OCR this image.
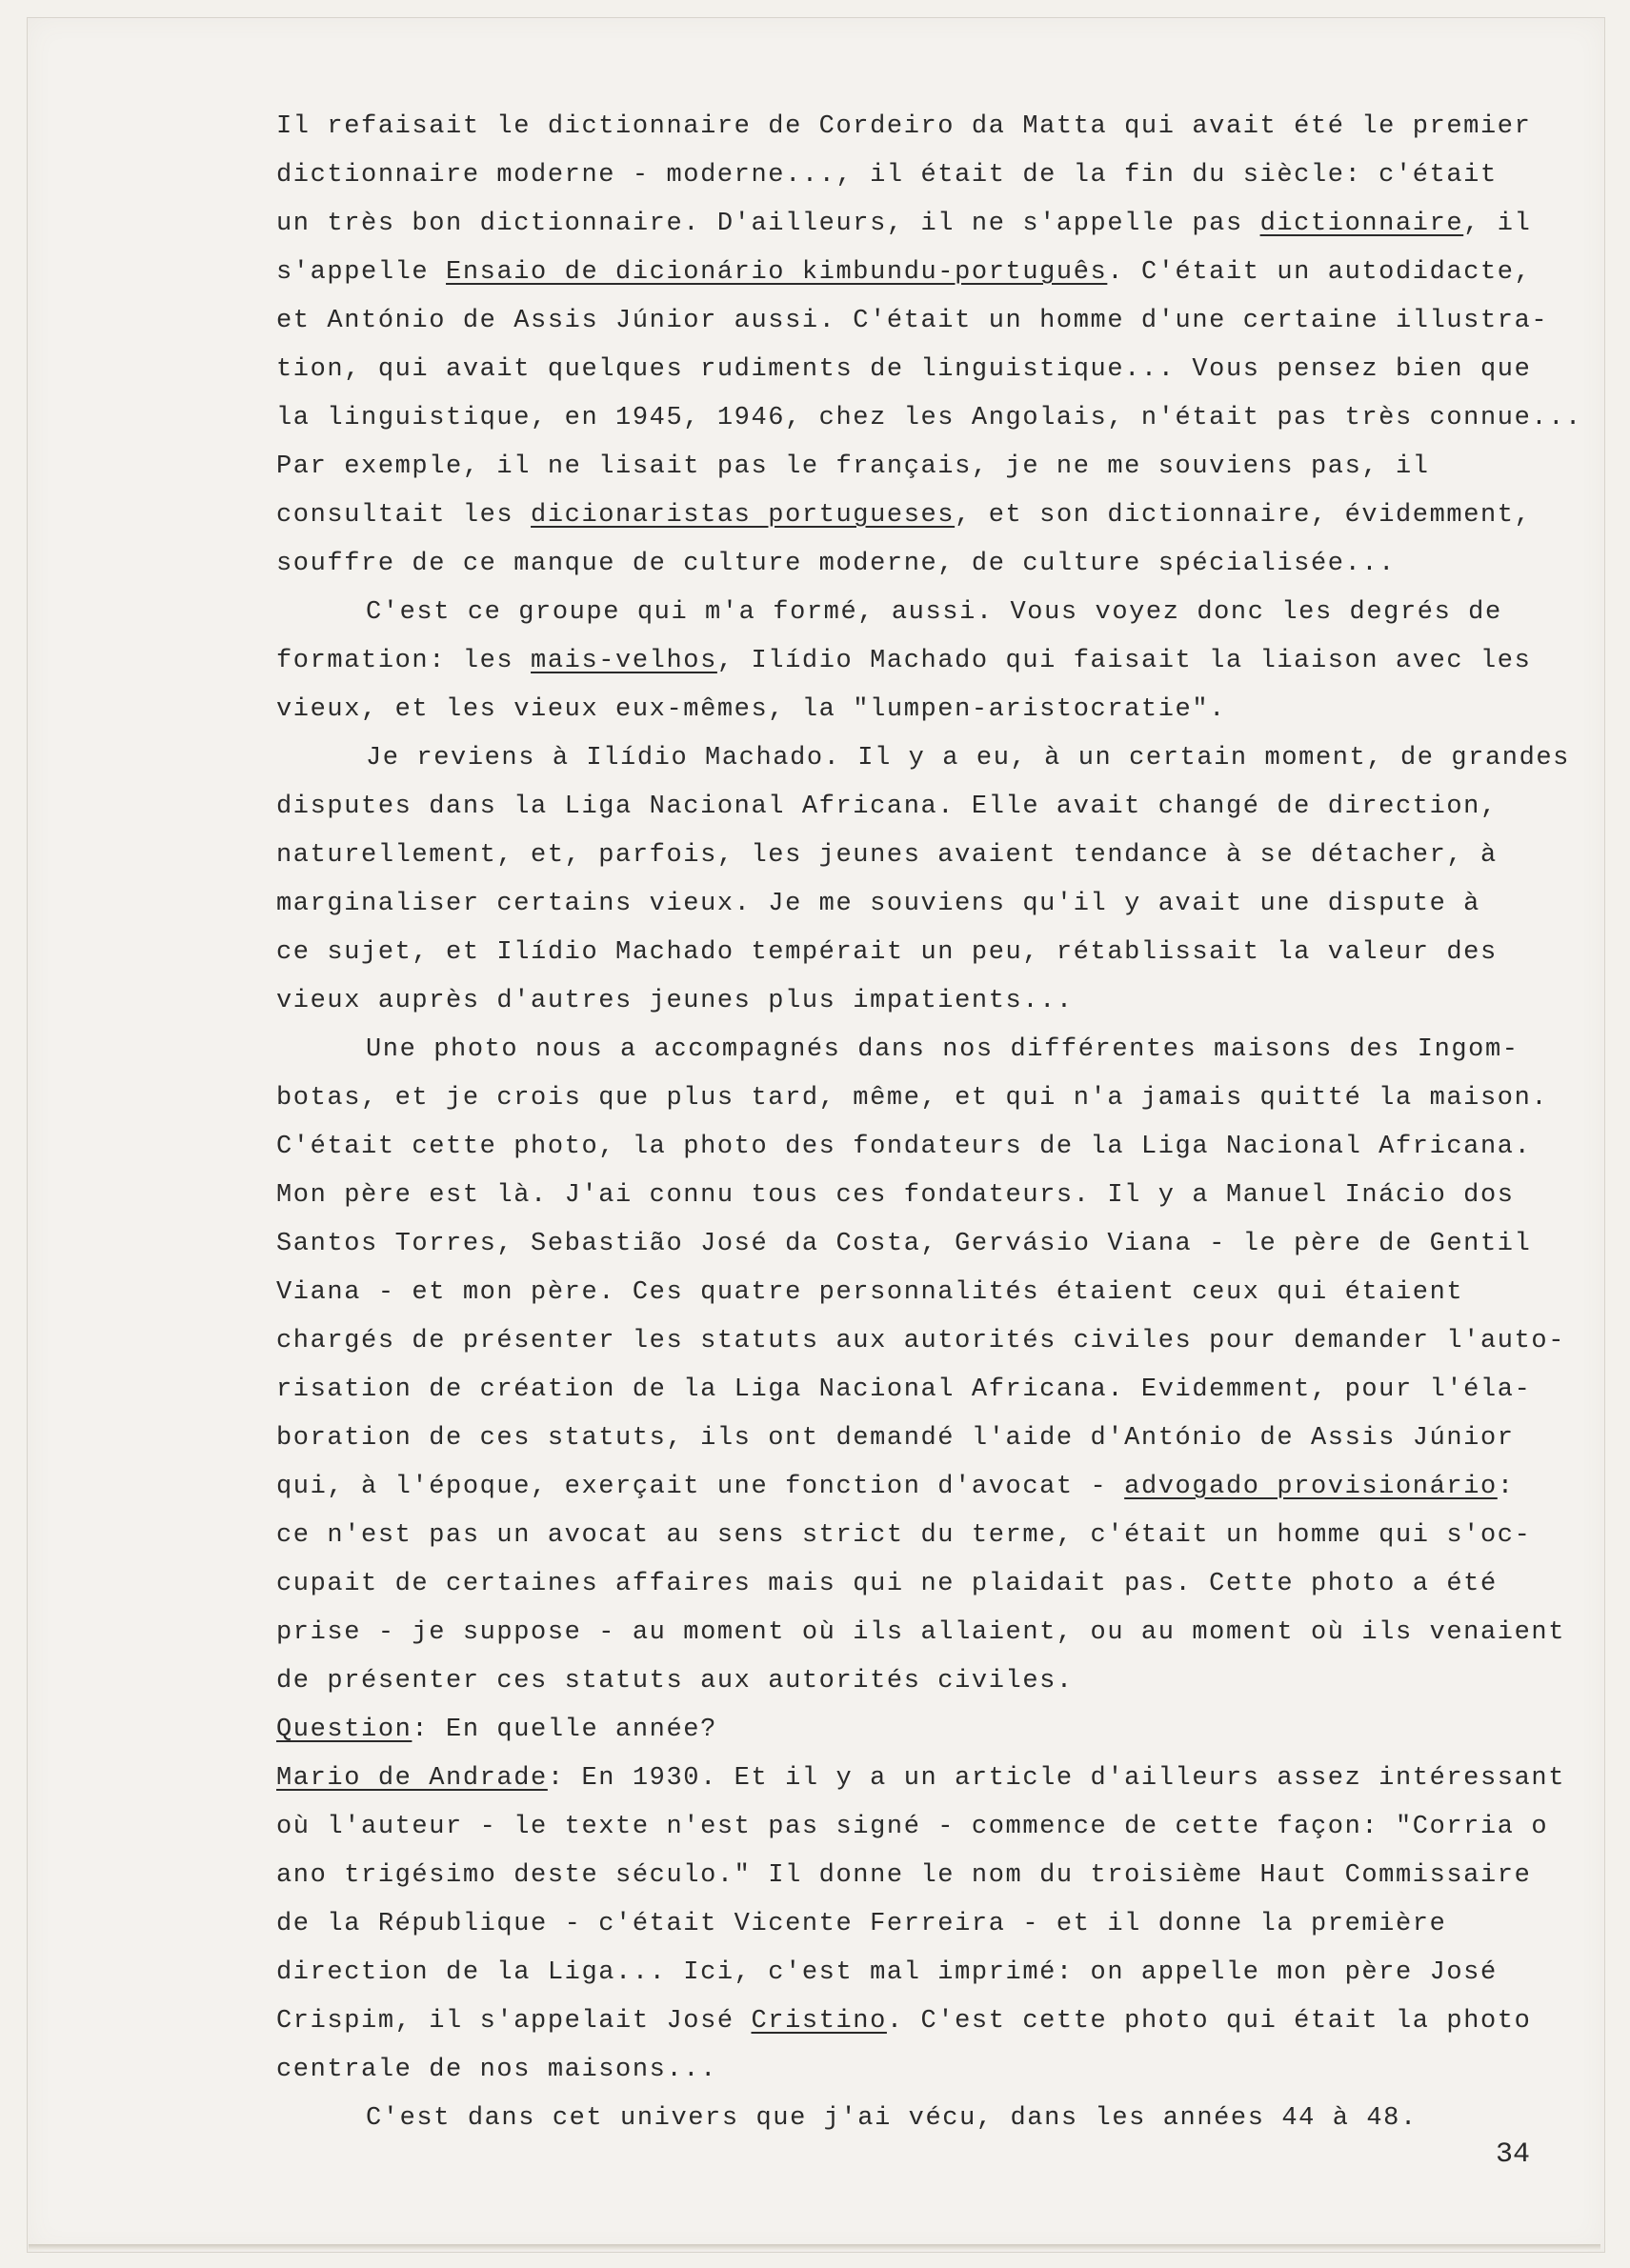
Il refaisait le dictionnaire de Cordeiro da Matta qui avait été le premier
dictionnaire moderne - moderne..., il était de la fin du siècle: c'était
un très bon dictionnaire. D'ailleurs, il ne s'appelle pas dictionnaire, il
s'appelle Ensaio de dicionário kimbundu-português. C'était un autodidacte,
et António de Assis Júnior aussi. C'était un homme d'une certaine illustra-
tion, qui avait quelques rudiments de linguistique... Vous pensez bien que
la linguistique, en 1945, 1946, chez les Angolais, n'était pas très connue...
Par exemple, il ne lisait pas le français, je ne me souviens pas, il
consultait les dicionaristas portugueses, et son dictionnaire, évidemment,
souffre de ce manque de culture moderne, de culture spécialisée...
C'est ce groupe qui m'a formé, aussi. Vous voyez donc les degrés de
formation: les mais-velhos, Ilídio Machado qui faisait la liaison avec les
vieux, et les vieux eux-mêmes, la "lumpen-aristocratie".
Je reviens à Ilídio Machado. Il y a eu, à un certain moment, de grandes
disputes dans la Liga Nacional Africana. Elle avait changé de direction,
naturellement, et, parfois, les jeunes avaient tendance à se détacher, à
marginaliser certains vieux. Je me souviens qu'il y avait une dispute à
ce sujet, et Ilídio Machado tempérait un peu, rétablissait la valeur des
vieux auprès d'autres jeunes plus impatients...
Une photo nous a accompagnés dans nos différentes maisons des Ingom-
botas, et je crois que plus tard, même, et qui n'a jamais quitté la maison.
C'était cette photo, la photo des fondateurs de la Liga Nacional Africana.
Mon père est là. J'ai connu tous ces fondateurs. Il y a Manuel Inácio dos
Santos Torres, Sebastião José da Costa, Gervásio Viana - le père de Gentil
Viana - et mon père. Ces quatre personnalités étaient ceux qui étaient
chargés de présenter les statuts aux autorités civiles pour demander l'auto-
risation de création de la Liga Nacional Africana. Evidemment, pour l'éla-
boration de ces statuts, ils ont demandé l'aide d'António de Assis Júnior
qui, à l'époque, exerçait une fonction d'avocat - advogado provisionário:
ce n'est pas un avocat au sens strict du terme, c'était un homme qui s'oc-
cupait de certaines affaires mais qui ne plaidait pas. Cette photo a été
prise - je suppose - au moment où ils allaient, ou au moment où ils venaient
de présenter ces statuts aux autorités civiles.
Question: En quelle année?
Mario de Andrade: En 1930. Et il y a un article d'ailleurs assez intéressant
où l'auteur - le texte n'est pas signé - commence de cette façon: "Corria o
ano trigésimo deste século." Il donne le nom du troisième Haut Commissaire
de la République - c'était Vicente Ferreira - et il donne la première
direction de la Liga... Ici, c'est mal imprimé: on appelle mon père José
Crispim, il s'appelait José Cristino. C'est cette photo qui était la photo
centrale de nos maisons...
C'est dans cet univers que j'ai vécu, dans les années 44 à 48.
34
